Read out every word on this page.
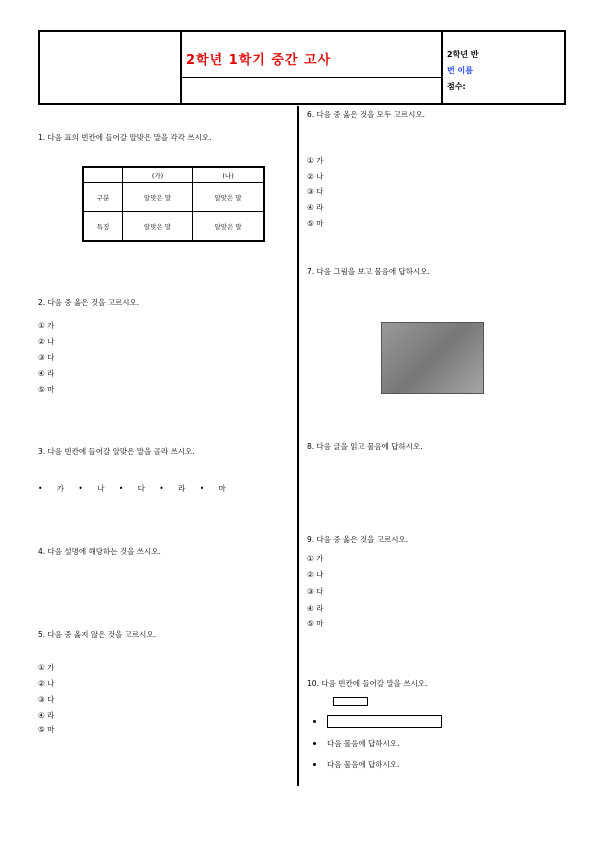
2학년 1학기 중간 고사	2학년 반
번 이름
점수:
1. 다음 표의 빈칸에 들어갈 알맞은 말을 각각 쓰시오.
	(가)	(나)
구분	알맞은 말	알맞은 말
특징	알맞은 말	알맞은 말
2. 다음 중 옳은 것을 고르시오.
① 가
② 나
③ 다
④ 라
⑤ 마
3. 다음 빈칸에 들어갈 알맞은 말을 골라 쓰시오.
• 가 • 나 • 다 • 라 • 마
4. 다음 설명에 해당하는 것을 쓰시오.
5. 다음 중 옳지 않은 것을 고르시오.
① 가
② 나
③ 다
④ 라
⑤ 마
6. 다음 중 옳은 것을 모두 고르시오.
① 가
② 나
③ 다
④ 라
⑤ 마
7. 다음 그림을 보고 물음에 답하시오.
8. 다음 글을 읽고 물음에 답하시오.
9. 다음 중 옳은 것을 고르시오.
① 가
② 나
③ 다
④ 라
⑤ 마
10. 다음 빈칸에 들어갈 말을 쓰시오.
다음 물음에 답하시오.
다음 물음에 답하시오.
